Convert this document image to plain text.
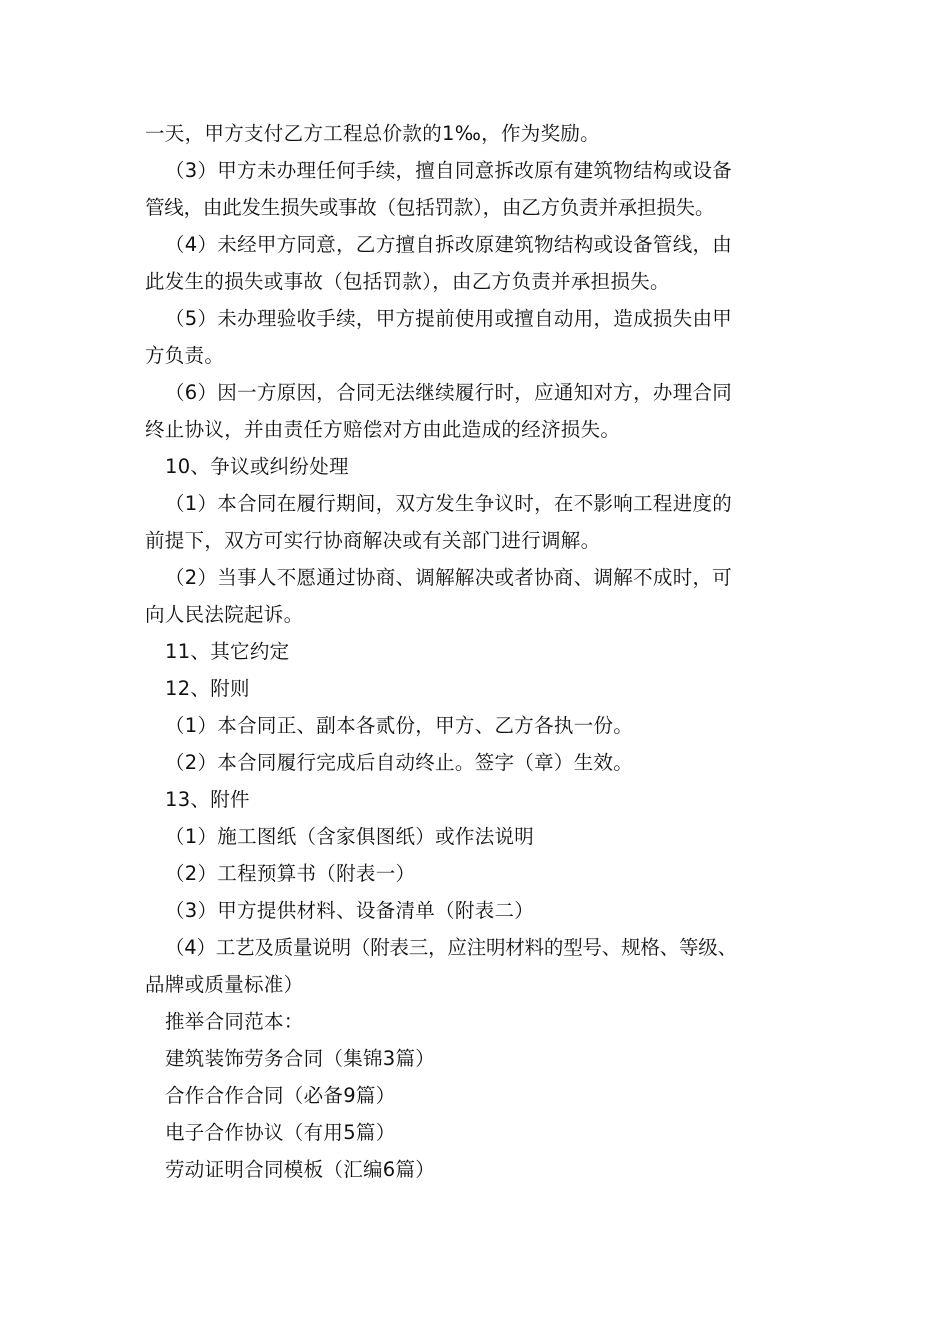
一天，甲方支付乙方工程总价款的1‰，作为奖励。
（3）甲方未办理任何手续，擅自同意拆改原有建筑物结构或设备
管线，由此发生损失或事故（包括罚款），由乙方负责并承担损失。
（4）未经甲方同意，乙方擅自拆改原建筑物结构或设备管线，由
此发生的损失或事故（包括罚款），由乙方负责并承担损失。
（5）未办理验收手续，甲方提前使用或擅自动用，造成损失由甲
方负责。
（6）因一方原因，合同无法继续履行时，应通知对方，办理合同
终止协议，并由责任方赔偿对方由此造成的经济损失。
10、争议或纠纷处理
（1）本合同在履行期间，双方发生争议时，在不影响工程进度的
前提下，双方可实行协商解决或有关部门进行调解。
（2）当事人不愿通过协商、调解解决或者协商、调解不成时，可
向人民法院起诉。
11、其它约定
12、附则
（1）本合同正、副本各贰份，甲方、乙方各执一份。
（2）本合同履行完成后自动终止。签字（章）生效。
13、附件
（1）施工图纸（含家俱图纸）或作法说明
（2）工程预算书（附表一）
（3）甲方提供材料、设备清单（附表二）
（4）工艺及质量说明（附表三，应注明材料的型号、规格、等级、
品牌或质量标准）
推举合同范本：
建筑装饰劳务合同（集锦3篇）
合作合作合同（必备9篇）
电子合作协议（有用5篇）
劳动证明合同模板（汇编6篇）
